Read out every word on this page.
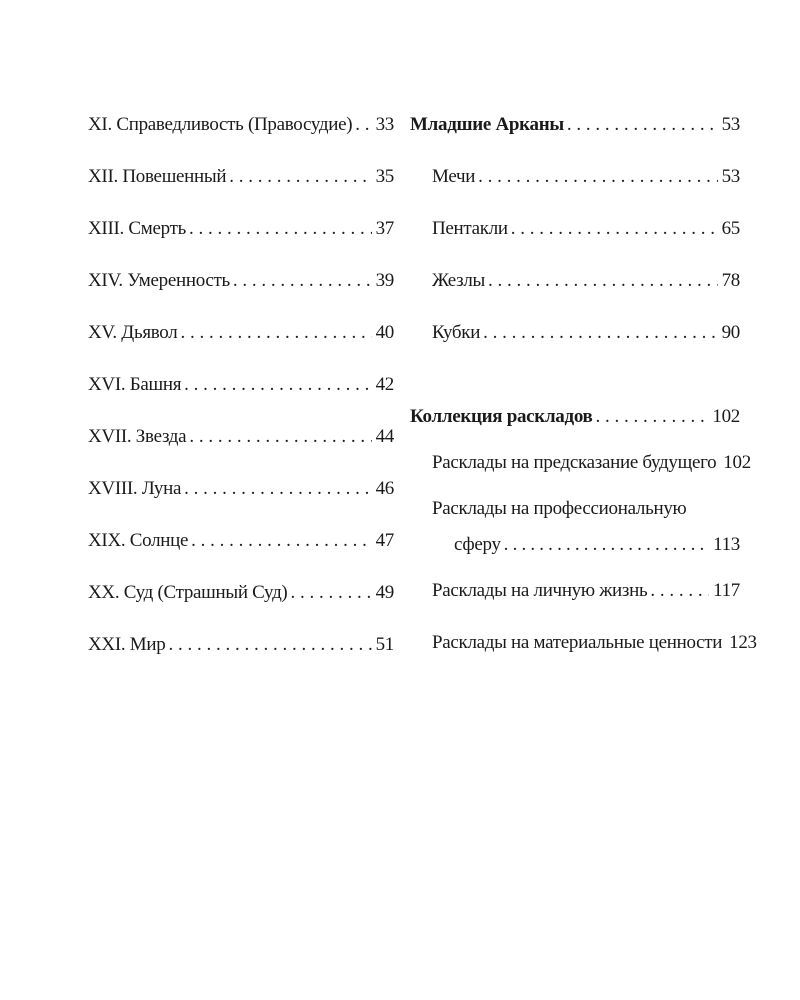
XI. Справедливость (Правосудие) . . . 33
XII. Повешенный . . .	35
XIII. Смерть . . .	37
XIV. Умеренность . . .	39
XV. Дьявол . . .	40
XVI. Башня . . .	42
XVII. Звезда . . .	44
XVIII. Луна . . .	46
XIX. Солнце . . .	47
XX. Суд (Страшный Суд) . . .	49
XXI. Мир . . .	51
Младшие Арканы . . .	53
Мечи . . .	53
Пентакли . . .	65
Жезлы . . .	78
Кубки . . .	90
Коллекция раскладов . . .	102
Расклады на предсказание будущего 102
Расклады на профессиональную
сферу . . .	113
Расклады на личную жизнь . . .	117
Расклады на материальные ценности 123
